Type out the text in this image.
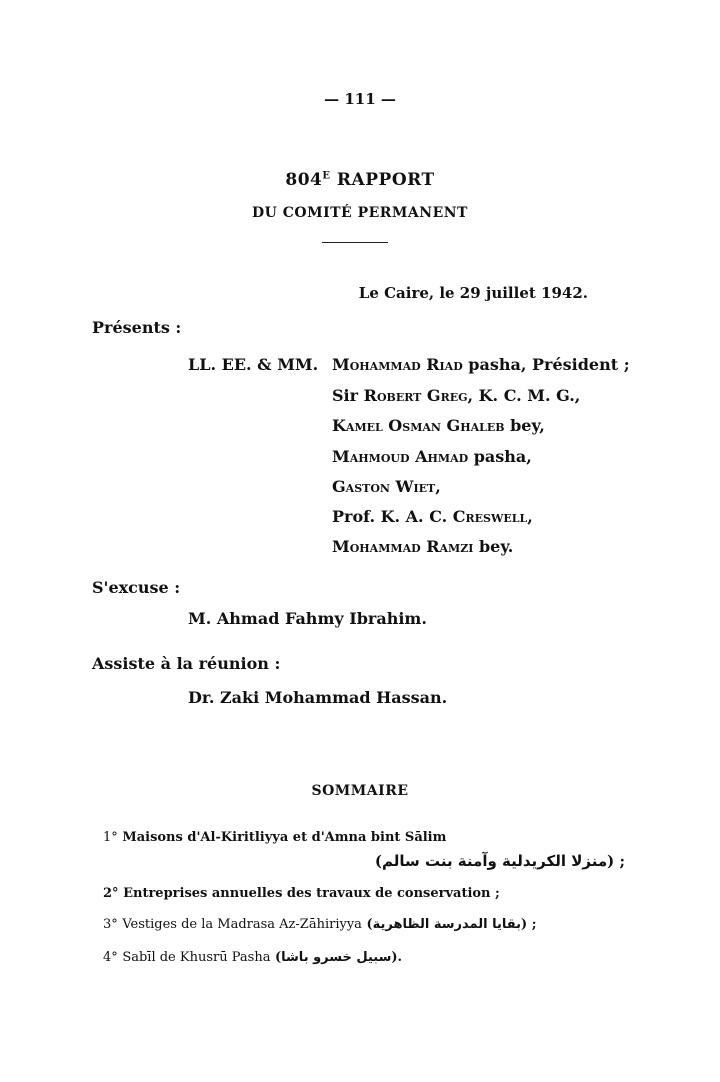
— 111 —
$804^E$ RAPPORT
DU COMITÉ PERMANENT
Le Caire, le 29 juillet 1942.
Présents :
LL. EE. & MM. Mohammad Riad pasha, Président ;
Sir Robert Greg, K. C. M. G.,
Kamel Osman Ghaleb bey,
Mahmoud Ahmad pasha,
Gaston Wiet,
Prof. K. A. C. Creswell,
Mohammad Ramzi bey.
S'excuse :
M. Ahmad Fahmy Ibrahim.
Assiste à la réunion :
Dr. Zaki Mohammad Hassan.
SOMMAIRE
1° Maisons d'Al-Kiritliyya et d'Amna bint Sālim
(منزلا الكريدلية وآمنة بنت سالم) ;
2° Entreprises annuelles des travaux de conservation ;
3° Vestiges de la Madrasa Az-Zāhiriyya (بقايا المدرسة الظاهرية) ;
4° Sabīl de Khusrū Pasha (سبيل خسرو باشا).
